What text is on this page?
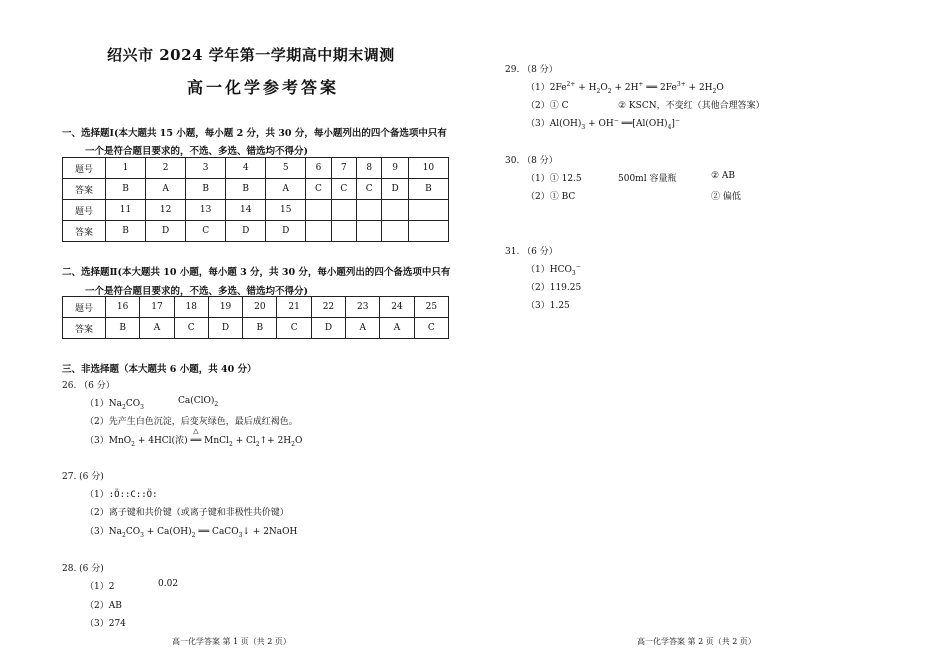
绍兴市 2024 学年第一学期高中期末调测
高一化学参考答案
一、选择题Ⅰ(本大题共 15 小题，每小题 2 分，共 30 分，每小题列出的四个备选项中只有
一个是符合题目要求的，不选、多选、错选均不得分)
题号	1	2	3	4	5	6	7	8	9	10
答案	B	A	B	B	A	C	C	C	D	B
题号	11	12	13	14	15					
答案	B	D	C	D	D					
二、选择题Ⅱ(本大题共 10 小题，每小题 3 分，共 30 分，每小题列出的四个备选项中只有
一个是符合题目要求的，不选、多选、错选均不得分)
题号	16	17	18	19	20	21	22	23	24	25
答案	B	A	C	D	B	C	D	A	A	C
三、非选择题（本大题共 6 小题，共 40 分）
26. （6 分）
$(1)Na_2CO_3$
$Ca(ClO)_2$
（2）先产生白色沉淀，后变灰绿色，最后成红褐色。
（3）MnO$_2$ + 4HCl(浓)
△
══ MnCl$_2$ + $Cl_2↑+ 2H_2O$
27. (6 分)
（1）:Ö::C::Ö:
（2）离子键和共价键（或离子键和非极性共价键）
$(3)Na_2CO_3 + Ca(OH)_2$ ══ CaCO$_3$↓ + 2NaOH
28. (6 分)
（1）2	0.02
（2）AB
（3）274
高一化学答案 第 1 页（共 2 页）
29. （8 分）
$(1)2Fe^{2+} + H_2O_2 + 2H^+$ ══ $2Fe^{3+} + 2H_2O$
（2）① C	② KSCN，不变红（其他合理答案）
$(3)Al(OH)_3 + OH^-$ $══[Al(OH)_4]^-$
30. （8 分）
（1）① 12.5	500ml 容量瓶	② AB
（2）① BC	② 偏低
31. （6 分）
$(1)HCO_3^-$
（2）119.25
（3）1.25
高一化学答案 第 2 页（共 2 页）
